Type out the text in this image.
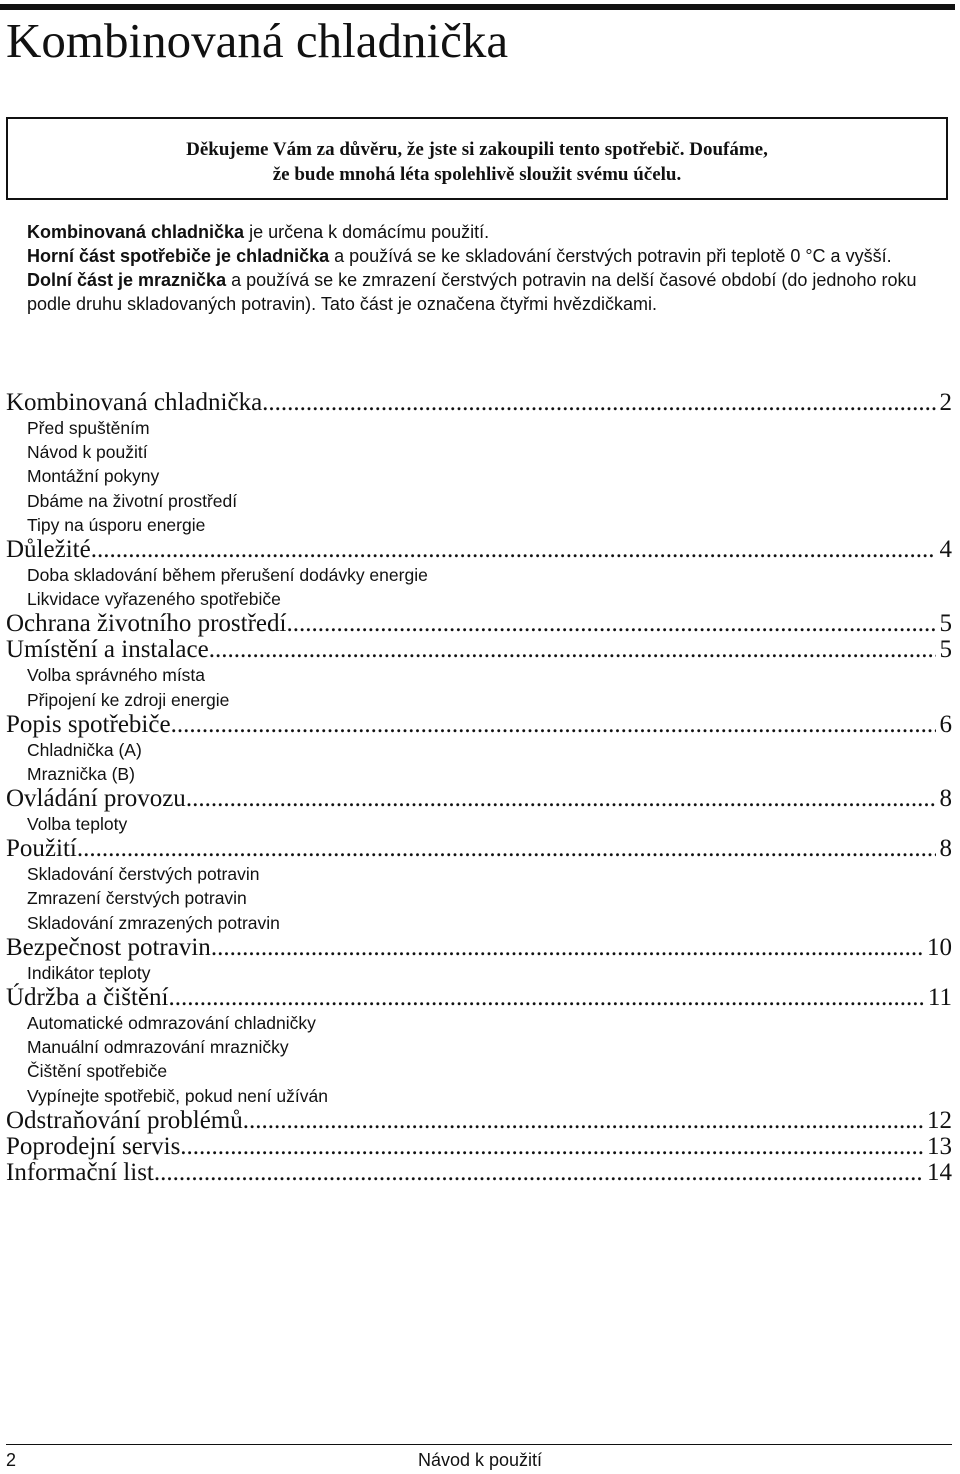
Kombinovaná chladnička
Děkujeme Vám za důvěru, že jste si zakoupili tento spotřebič. Doufáme,
že bude mnohá léta spolehlivě sloužit svému účelu.

Kombinovaná chladnička je určena k domácímu použití.

Horní část spotřebiče je chladnička a používá se ke skladování čerstvých potravin při teplotě 0 °C a vyšší.

Dolní část je mraznička a používá se ke zmrazení čerstvých potravin na delší časové období (do jednoho roku podle druhu skladovaných potravin). Tato část je označena čtyřmi hvězdičkami.

Kombinovaná chladnička .....	2
Před spuštěním
Návod k použití
Montážní pokyny
Dbáme na životní prostředí
Tipy na úsporu energie
Důležité .....	4
Doba skladování během přerušení dodávky energie
Likvidace vyřazeného spotřebiče
Ochrana životního prostředí .....	5
Umístění a instalace .....	5
Volba správného místa
Připojení ke zdroji energie
Popis spotřebiče .....	6
Chladnička (A)
Mraznička (B)
Ovládání provozu .....	8
Volba teploty
Použití .....	8
Skladování čerstvých potravin
Zmrazení čerstvých potravin
Skladování zmrazených potravin
Bezpečnost potravin .....	10
Indikátor teploty
Údržba a čištění .....	11
Automatické odmrazování chladničky
Manuální odmrazování mrazničky
Čištění spotřebiče
Vypínejte spotřebič, pokud není užíván
Odstraňování problémů .....	12
Poprodejní servis .....	13
Informační list .....	14
2	Návod k použití
